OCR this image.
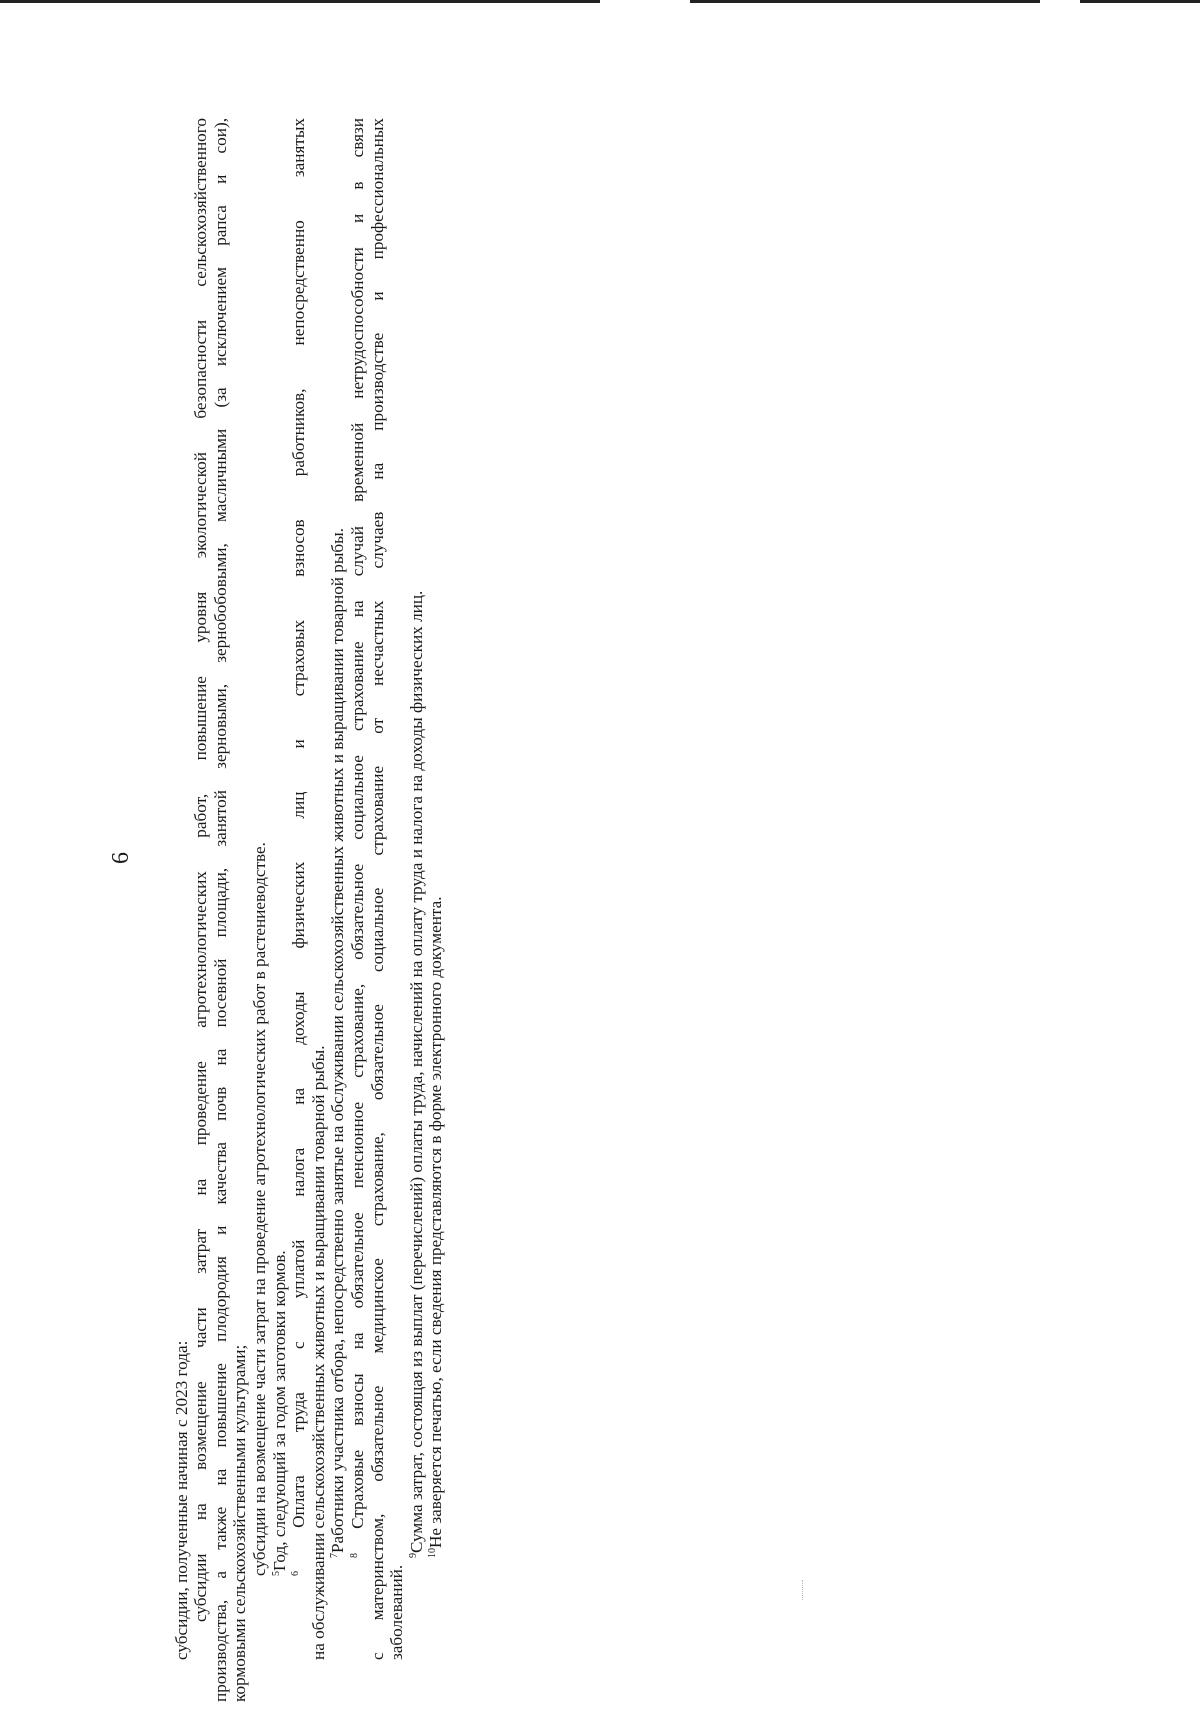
6

субсидии, полученные начиная с 2023 года: субсидии на возмещение части затрат на проведение агротехнологических работ, повышение уровня экологической безопасности сельскохозяйственного производства, а также на повышение плодородия и качества почв на посевной площади, занятой зерновыми, зернобобовыми, масличными (за исключением рапса и сои), кормовыми сельскохозяйственными культурами; субсидии на возмещение части затрат на проведение агротехнологических работ в растениеводстве. $^5$Год, следующий за годом заготовки кормов.

$^6$ Оплата труда с уплатой налога на доходы физических лиц и страховых взносов работников, непосредственно занятых на обслуживании сельскохозяйственных животных и выращивании товарной рыбы. $^7$Работники участника отбора, непосредственно занятые на обслуживании сельскохозяйственных животных и выращивании товарной рыбы.

$^8$ Страховые взносы на обязательное пенсионное страхование, обязательное социальное страхование на случай временной нетрудоспособности и в связи с материнством, обязательное медицинское страхование, обязательное социальное страхование от несчастных случаев на производстве и профессиональных заболеваний.

$^9$Сумма затрат, состоящая из выплат (перечислений) оплаты труда, начислений на оплату труда и налога на доходы физических лиц. $^{10}$Не заверяется печатью, если сведения представляются в форме электронного документа.
